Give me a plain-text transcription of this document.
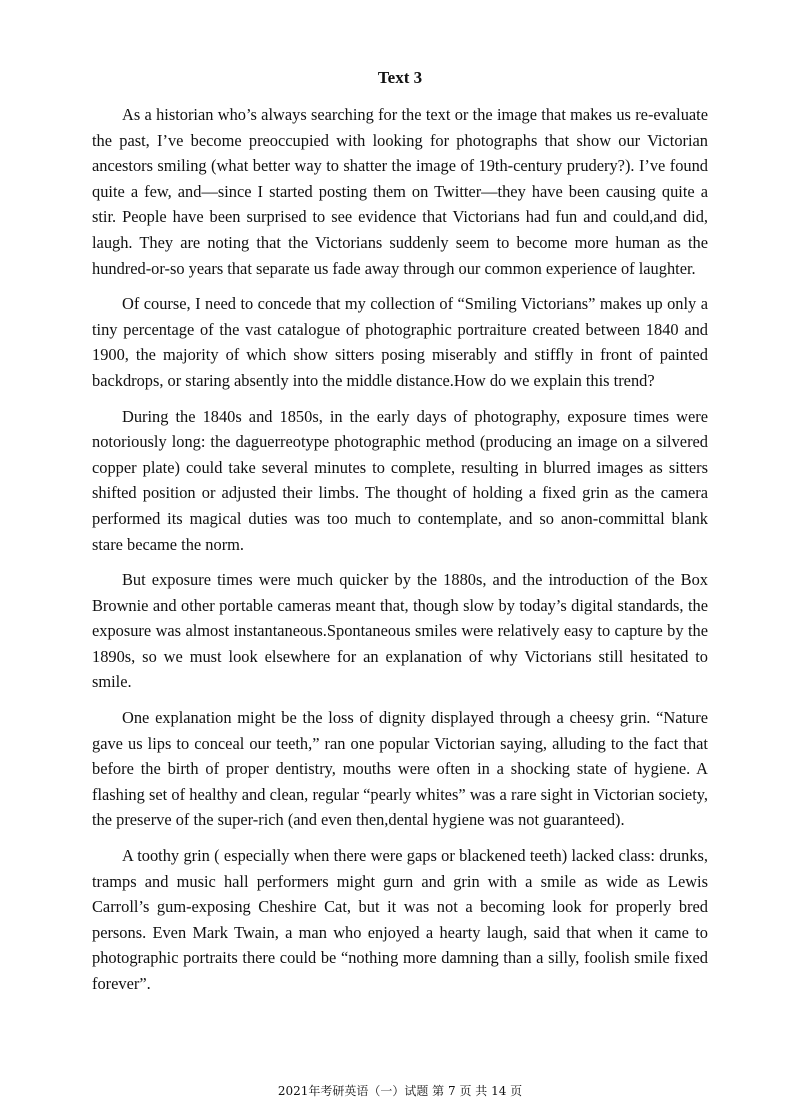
Text 3

As a historian who’s always searching for the text or the image that makes us re-evaluate the past, I’ve become preoccupied with looking for photographs that show our Victorian ancestors smiling (what better way to shatter the image of 19th-century prudery?). I’ve found quite a few, and—since I started posting them on Twitter—they have been causing quite a stir. People have been surprised to see evidence that Victorians had fun and could,and did, laugh. They are noting that the Victorians suddenly seem to become more human as the hundred-or-so years that separate us fade away through our common experience of laughter.

Of course, I need to concede that my collection of “Smiling Victorians” makes up only a tiny percentage of the vast catalogue of photographic portraiture created between 1840 and 1900, the majority of which show sitters posing miserably and stiffly in front of painted backdrops, or staring absently into the middle distance.How do we explain this trend?

During the 1840s and 1850s, in the early days of photography, exposure times were notoriously long: the daguerreotype photographic method (producing an image on a silvered copper plate) could take several minutes to complete, resulting in blurred images as sitters shifted position or adjusted their limbs. The thought of holding a fixed grin as the camera performed its magical duties was too much to contemplate, and so anon-committal blank stare became the norm.

But exposure times were much quicker by the 1880s, and the introduction of the Box Brownie and other portable cameras meant that, though slow by today’s digital standards, the exposure was almost instantaneous.Spontaneous smiles were relatively easy to capture by the 1890s, so we must look elsewhere for an explanation of why Victorians still hesitated to smile.

One explanation might be the loss of dignity displayed through a cheesy grin. “Nature gave us lips to conceal our teeth,” ran one popular Victorian saying, alluding to the fact that before the birth of proper dentistry, mouths were often in a shocking state of hygiene. A flashing set of healthy and clean, regular “pearly whites” was a rare sight in Victorian society, the preserve of the super-rich (and even then,dental hygiene was not guaranteed).

A toothy grin ( especially when there were gaps or blackened teeth) lacked class: drunks, tramps and music hall performers might gurn and grin with a smile as wide as Lewis Carroll’s gum-exposing Cheshire Cat, but it was not a becoming look for properly bred persons. Even Mark Twain, a man who enjoyed a hearty laugh, said that when it came to photographic portraits there could be “nothing more damning than a silly, foolish smile fixed forever”.

2021年考研英语（一）试题 第 7 页 共 14 页
